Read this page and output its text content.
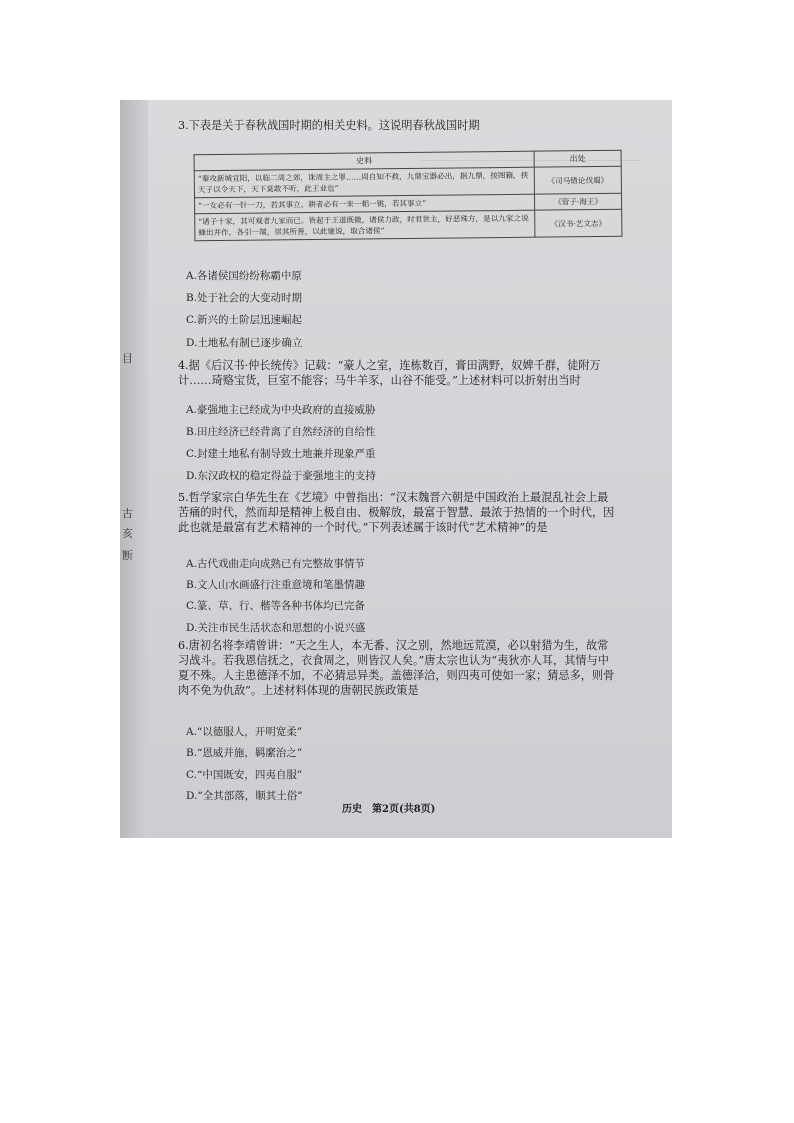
目
古
亥
断
3.下表是关于春秋战国时期的相关史料。这说明春秋战国时期
史料	出处
“秦攻新城宜阳，以临二周之郊，诛周主之罪……周自知不救，九鼎宝器必出，据九鼎，按图籍，挟天子以令天下，天下莫敢不听，此王业也”	《司马错论伐蜀》
“一女必有一针一刀，若其事立。耕者必有一耒一耜一铫，若其事立”	《管子·海王》
“诸子十家，其可观者九家而已。皆起于王道既微，诸侯力政，时君世主，好恶殊方，是以九家之说蜂出并作，各引一端，崇其所善，以此驰说，取合诸侯”	《汉书·艺文志》
A.各诸侯国纷纷称霸中原
B.处于社会的大变动时期
C.新兴的士阶层迅速崛起
D.土地私有制已逐步确立
4.据《后汉书·仲长统传》记载：“豪人之室，连栋数百，膏田满野，奴婢千群，徒附万计……琦赂宝货，巨室不能容；马牛羊豕，山谷不能受。”上述材料可以折射出当时
A.豪强地主已经成为中央政府的直接威胁
B.田庄经济已经背离了自然经济的自给性
C.封建土地私有制导致土地兼并现象严重
D.东汉政权的稳定得益于豪强地主的支持
5.哲学家宗白华先生在《艺境》中曾指出：“汉末魏晋六朝是中国政治上最混乱社会上最苦痛的时代，然而却是精神上极自由、极解放，最富于智慧、最浓于热情的一个时代，因此也就是最富有艺术精神的一个时代。”下列表述属于该时代“艺术精神”的是
A.古代戏曲走向成熟已有完整故事情节
B.文人山水画盛行注重意境和笔墨情趣
C.篆、草、行、楷等各种书体均已完备
D.关注市民生活状态和思想的小说兴盛
6.唐初名将李靖曾讲：“天之生人，本无番、汉之别，然地远荒漠，必以射猎为生，故常习战斗。若我恩信抚之，衣食周之，则皆汉人矣。”唐太宗也认为“夷狄亦人耳，其情与中夏不殊。人主患德泽不加，不必猜忌异类。盖德泽洽，则四夷可使如一家；猜忌多，则骨肉不免为仇敌”。上述材料体现的唐朝民族政策是
A.“以德服人，开明宽柔”
B.“恩威并施，羁縻治之”
C.“中国既安，四夷自服”
D.“全其部落，顺其土俗”
历史　第2页(共8页)
